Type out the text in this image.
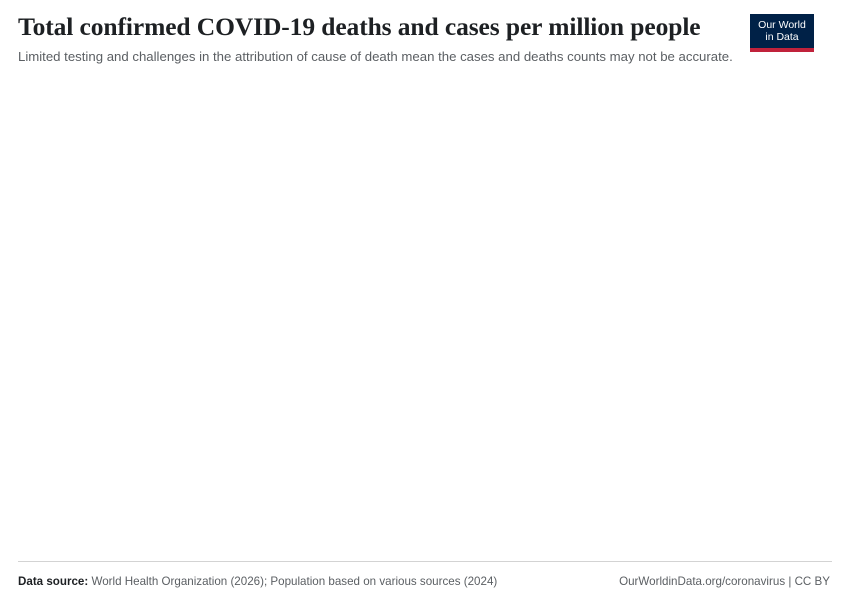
Total confirmed COVID-19 deaths and cases per million people

Limited testing and challenges in the attribution of cause of death mean the cases and deaths counts may not be accurate.

Our World
in Data
Data source: World Health Organization (2026); Population based on various sources (2024)	OurWorldinData.org/coronavirus | CC BY
